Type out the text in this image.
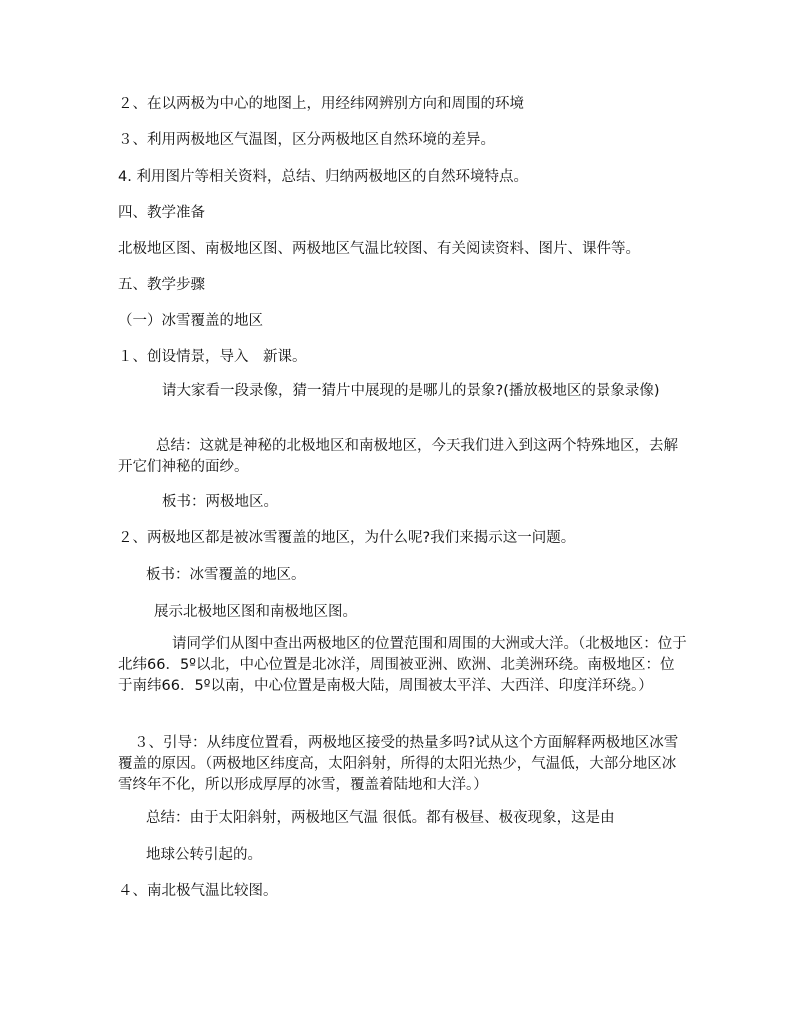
２、在以两极为中心的地图上，用经纬网辨别方向和周围的环境
３、利用两极地区气温图，区分两极地区自然环境的差异。
4. 利用图片等相关资料，总结、归纳两极地区的自然环境特点。
四、教学准备
北极地区图、南极地区图、两极地区气温比较图、有关阅读资料、图片、课件等。
五、教学步骤
（一）冰雪覆盖的地区
１、创设情景，导入　新课。
请大家看一段录像，猜一猜片中展现的是哪儿的景象?(播放极地区的景象录像)
总结：这就是神秘的北极地区和南极地区，今天我们进入到这两个特殊地区，去解开它们神秘的面纱。
板书：两极地区。
２、两极地区都是被冰雪覆盖的地区，为什么呢?我们来揭示这一问题。
板书：冰雪覆盖的地区。
展示北极地区图和南极地区图。
请同学们从图中查出两极地区的位置范围和周围的大洲或大洋。（北极地区：位于北纬66．5º以北，中心位置是北冰洋，周围被亚洲、欧洲、北美洲环绕。南极地区：位于南纬66．5º以南，中心位置是南极大陆，周围被太平洋、大西洋、印度洋环绕。）
３、引导：从纬度位置看，两极地区接受的热量多吗?试从这个方面解释两极地区冰雪覆盖的原因。（两极地区纬度高，太阳斜射，所得的太阳光热少，气温低，大部分地区冰雪终年不化，所以形成厚厚的冰雪，覆盖着陆地和大洋。）
总结：由于太阳斜射，两极地区气温 很低。都有极昼、极夜现象，这是由
地球公转引起的。
４、南北极气温比较图。
